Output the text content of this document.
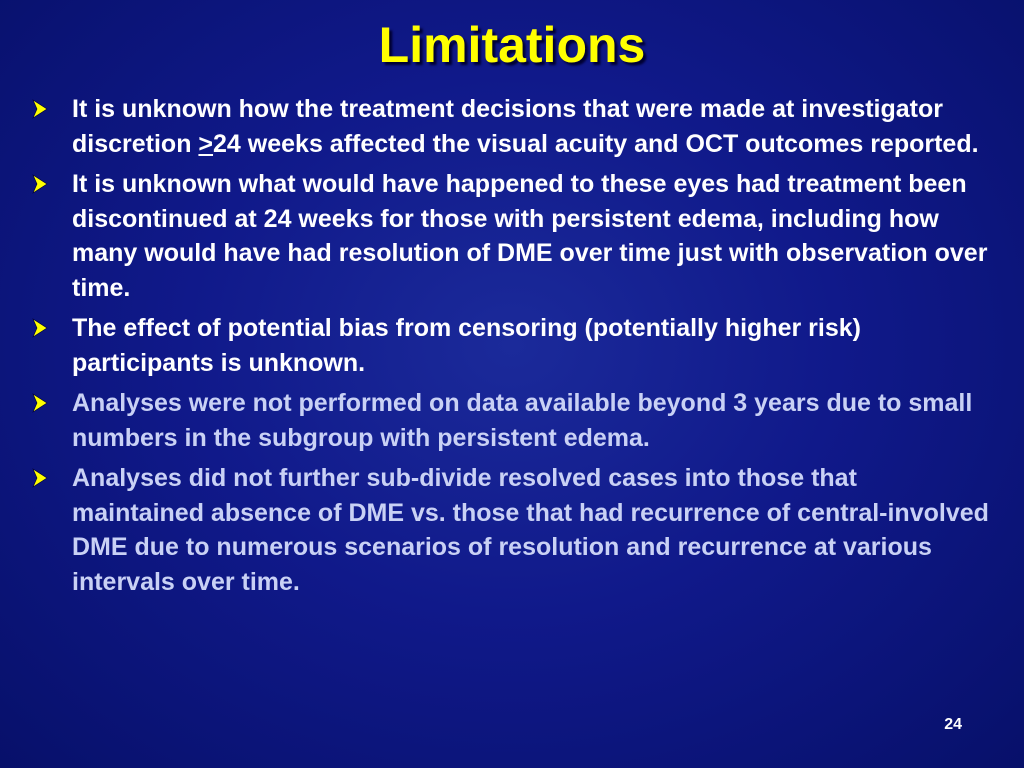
Limitations
It is unknown how the treatment decisions that were made at investigator discretion ≥24 weeks affected the visual acuity and OCT outcomes reported.
It is unknown what would have happened to these eyes had treatment been discontinued at 24 weeks for those with persistent edema, including how many would have had resolution of DME over time just with observation over time.
The effect of potential bias from censoring (potentially higher risk) participants is unknown.
Analyses were not performed on data available beyond 3 years due to small numbers in the subgroup with persistent edema.
Analyses did not further sub-divide resolved cases into those that maintained absence of DME vs. those that had recurrence of central-involved DME due to numerous scenarios of resolution and recurrence at various intervals over time.
24
